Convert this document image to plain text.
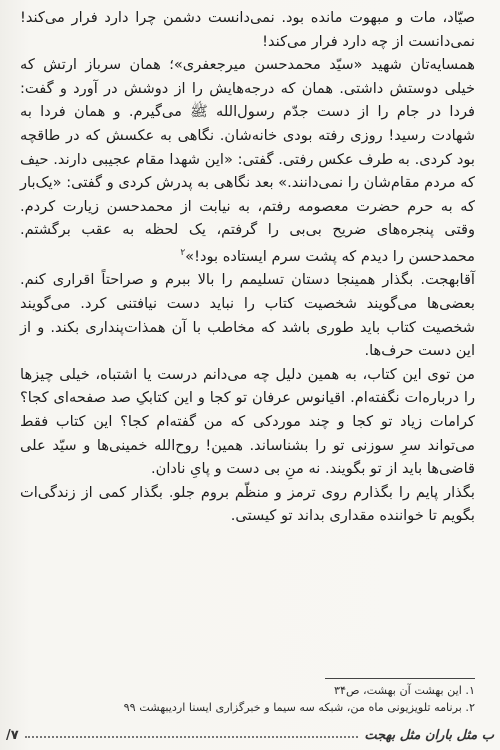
صیّاد، مات و مبهوت مانده بود. نمی‌دانست دشمن چرا دارد فرار می‌کند! نمی‌دانست از چه دارد فرار می‌کند!

همسایه‌تان شهید «سیّد محمدحسن میرجعفری»؛ همان سرباز ارتش که خیلی دوستش داشتی. همان که درجه‌هایش را از دوشش در آورد و گفت: فردا در جام را از دست جدّم رسول‌الله ﷺ می‌گیرم. و همان فردا به شهادت رسید! روزی رفته بودی خانه‌شان. نگاهی به عکسش که در طاقچه بود کردی. به طرف عکس رفتی. گفتی: «این شهدا مقام عجیبی دارند. حیف که مردم مقام‌شان را نمی‌دانند.» بعد نگاهی به پدرش کردی و گفتی: «یک‌بار که به حرم حضرت معصومه رفتم، به نیابت از محمدحسن زیارت کردم. وقتی پنجره‌های ضریح بی‌بی را گرفتم، یک لحظه به عقب برگشتم. محمدحسن را دیدم که پشت سرم ایستاده بود!»$^۲$

آقابهجت. بگذار همینجا دستان تسلیمم را بالا ببرم و صراحتاً اقراری کنم. بعضی‌ها می‌گویند شخصیت کتاب را نباید دست نیافتنی کرد. می‌گویند شخصیت کتاب باید طوری باشد که مخاطب با آن همذات‌پنداری بکند. و از این دست حرف‌ها.

من توی این کتاب، به همین دلیل چه می‌دانم درست یا اشتباه، خیلی چیزها را درباره‌ات نگفته‌ام. اقیانوس عرفان تو کجا و این کتابکِ صد صفحه‌ای کجا؟ کرامات زیاد تو کجا و چند موردکی که من گفته‌ام کجا؟ این کتاب فقط می‌تواند سرِ سوزنی تو را بشناساند. همین! روح‌الله خمینی‌ها و سیّد علی قاضی‌ها باید از تو بگویند. نه منِ بی دست و پایِ نادان.

بگذار پایم را بگذارم روی ترمز و منظّم بروم جلو. بگذار کمی از زندگی‌ات بگویم تا خواننده مقداری بداند تو کیستی.

۱. این بهشت آن بهشت، ص۳۴
۲. برنامه تلویزیونی ماه من، شبکه سه سیما و خبرگزاری ایسنا اردیبهشت ۹۹
ب مثل باران مثل بهجت
۷/
